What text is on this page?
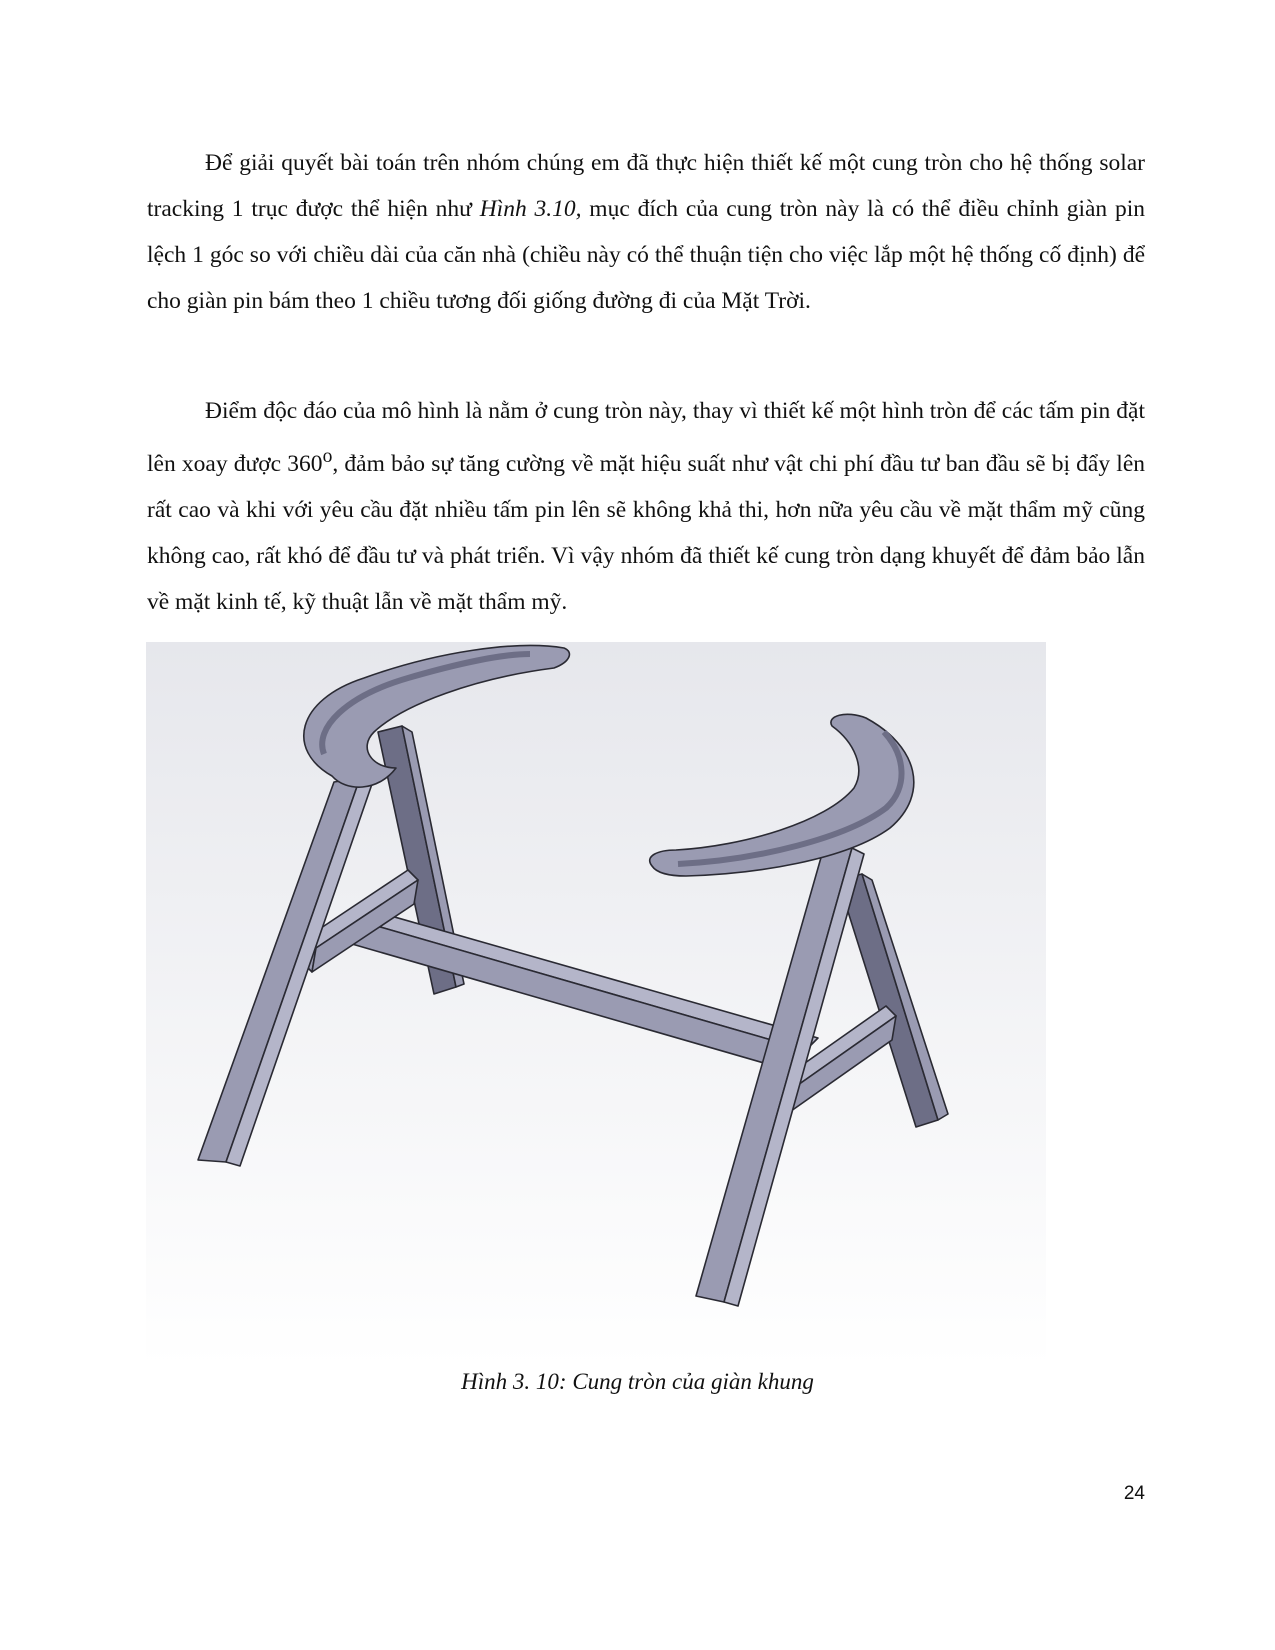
Để giải quyết bài toán trên nhóm chúng em đã thực hiện thiết kế một cung tròn cho hệ thống solar tracking 1 trục được thể hiện như Hình 3.10, mục đích của cung tròn này là có thể điều chỉnh giàn pin lệch 1 góc so với chiều dài của căn nhà (chiều này có thể thuận tiện cho việc lắp một hệ thống cố định) để cho giàn pin bám theo 1 chiều tương đối giống đường đi của Mặt Trời.

Điểm độc đáo của mô hình là nằm ở cung tròn này, thay vì thiết kế một hình tròn để các tấm pin đặt lên xoay được 360$^o$, đảm bảo sự tăng cường về mặt hiệu suất như vật chi phí đầu tư ban đầu sẽ bị đẩy lên rất cao và khi với yêu cầu đặt nhiều tấm pin lên sẽ không khả thi, hơn nữa yêu cầu về mặt thẩm mỹ cũng không cao, rất khó để đầu tư và phát triển. Vì vậy nhóm đã thiết kế cung tròn dạng khuyết để đảm bảo lẫn về mặt kinh tế, kỹ thuật lẫn về mặt thẩm mỹ.

Hình 3. 10: Cung tròn của giàn khung
24
